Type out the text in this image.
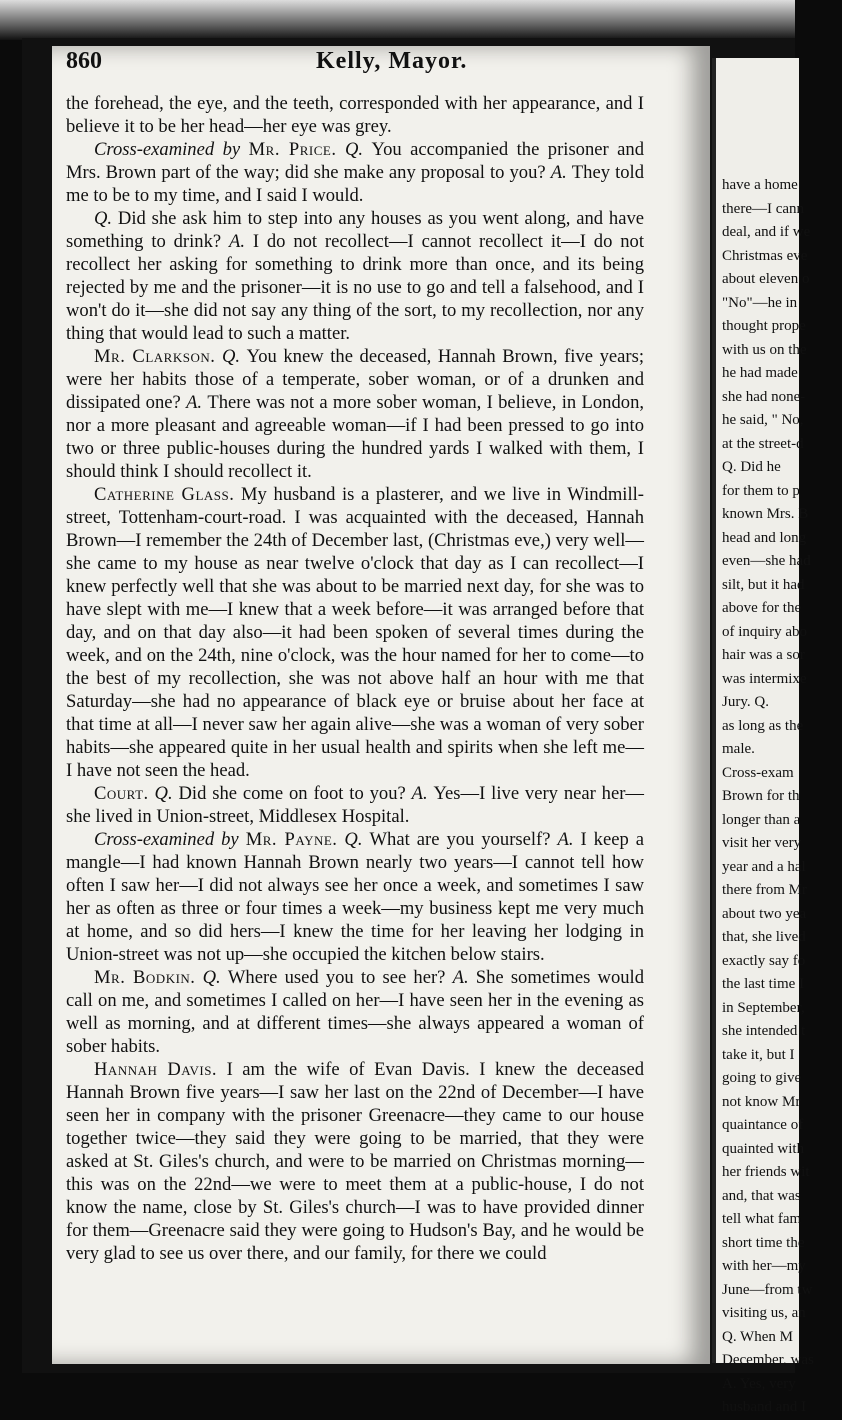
have a home
there—I cann
deal, and if we
Christmas eve
about eleven o
"No"—he in
thought prope
with us on the
he had made
she had none-
he said, " No,
at the street-d
Q. Did he
for them to p
known Mrs. B
head and long
even—she had
silt, but it had
above for the
of inquiry abo
hair was a sor
was intermixe
Jury. Q.
as long as the
male.
Cross-exam
Brown for th
longer than a
visit her very
year and a hal
there from Mr
about two yea
that, she lived
exactly say fo
the last time I
in September,
she intended t
take it, but I
going to give
not know Mr
quaintance of
quainted with
her friends wit
and, that was
tell what fam
short time the
with her—my
June—from tw
visiting us, an
Q. When M
December, was
A. Yes, very
husband and I
860	Kelly, Mayor.

the forehead, the eye, and the teeth, corresponded with her appearance, and I believe it to be her head—her eye was grey.

Cross-examined by Mr. Price. Q. You accompanied the prisoner and Mrs. Brown part of the way; did she make any proposal to you? A. They told me to be to my time, and I said I would.

Q. Did she ask him to step into any houses as you went along, and have something to drink? A. I do not recollect—I cannot recollect it—I do not recollect her asking for something to drink more than once, and its being rejected by me and the prisoner—it is no use to go and tell a falsehood, and I won't do it—she did not say any thing of the sort, to my recollection, nor any thing that would lead to such a matter.

Mr. Clarkson. Q. You knew the deceased, Hannah Brown, five years; were her habits those of a temperate, sober woman, or of a drunken and dissipated one? A. There was not a more sober woman, I believe, in London, nor a more pleasant and agreeable woman—if I had been pressed to go into two or three public-houses during the hundred yards I walked with them, I should think I should recollect it.

Catherine Glass. My husband is a plasterer, and we live in Windmill-street, Tottenham-court-road. I was acquainted with the deceased, Hannah Brown—I remember the 24th of December last, (Christmas eve,) very well—she came to my house as near twelve o'clock that day as I can recollect—I knew perfectly well that she was about to be married next day, for she was to have slept with me—I knew that a week before—it was arranged before that day, and on that day also—it had been spoken of several times during the week, and on the 24th, nine o'clock, was the hour named for her to come—to the best of my recollection, she was not above half an hour with me that Saturday—she had no appearance of black eye or bruise about her face at that time at all—I never saw her again alive—she was a woman of very sober habits—she appeared quite in her usual health and spirits when she left me—I have not seen the head.

Court. Q. Did she come on foot to you? A. Yes—I live very near her—she lived in Union-street, Middlesex Hospital.

Cross-examined by Mr. Payne. Q. What are you yourself? A. I keep a mangle—I had known Hannah Brown nearly two years—I cannot tell how often I saw her—I did not always see her once a week, and sometimes I saw her as often as three or four times a week—my business kept me very much at home, and so did hers—I knew the time for her leaving her lodging in Union-street was not up—she occupied the kitchen below stairs.

Mr. Bodkin. Q. Where used you to see her? A. She sometimes would call on me, and sometimes I called on her—I have seen her in the evening as well as morning, and at different times—she always appeared a woman of sober habits.

Hannah Davis. I am the wife of Evan Davis. I knew the deceased Hannah Brown five years—I saw her last on the 22nd of December—I have seen her in company with the prisoner Greenacre—they came to our house together twice—they said they were going to be married, that they were asked at St. Giles's church, and were to be married on Christmas morning—this was on the 22nd—we were to meet them at a public-house, I do not know the name, close by St. Giles's church—I was to have provided dinner for them—Greenacre said they were going to Hudson's Bay, and he would be very glad to see us over there, and our family, for there we could
